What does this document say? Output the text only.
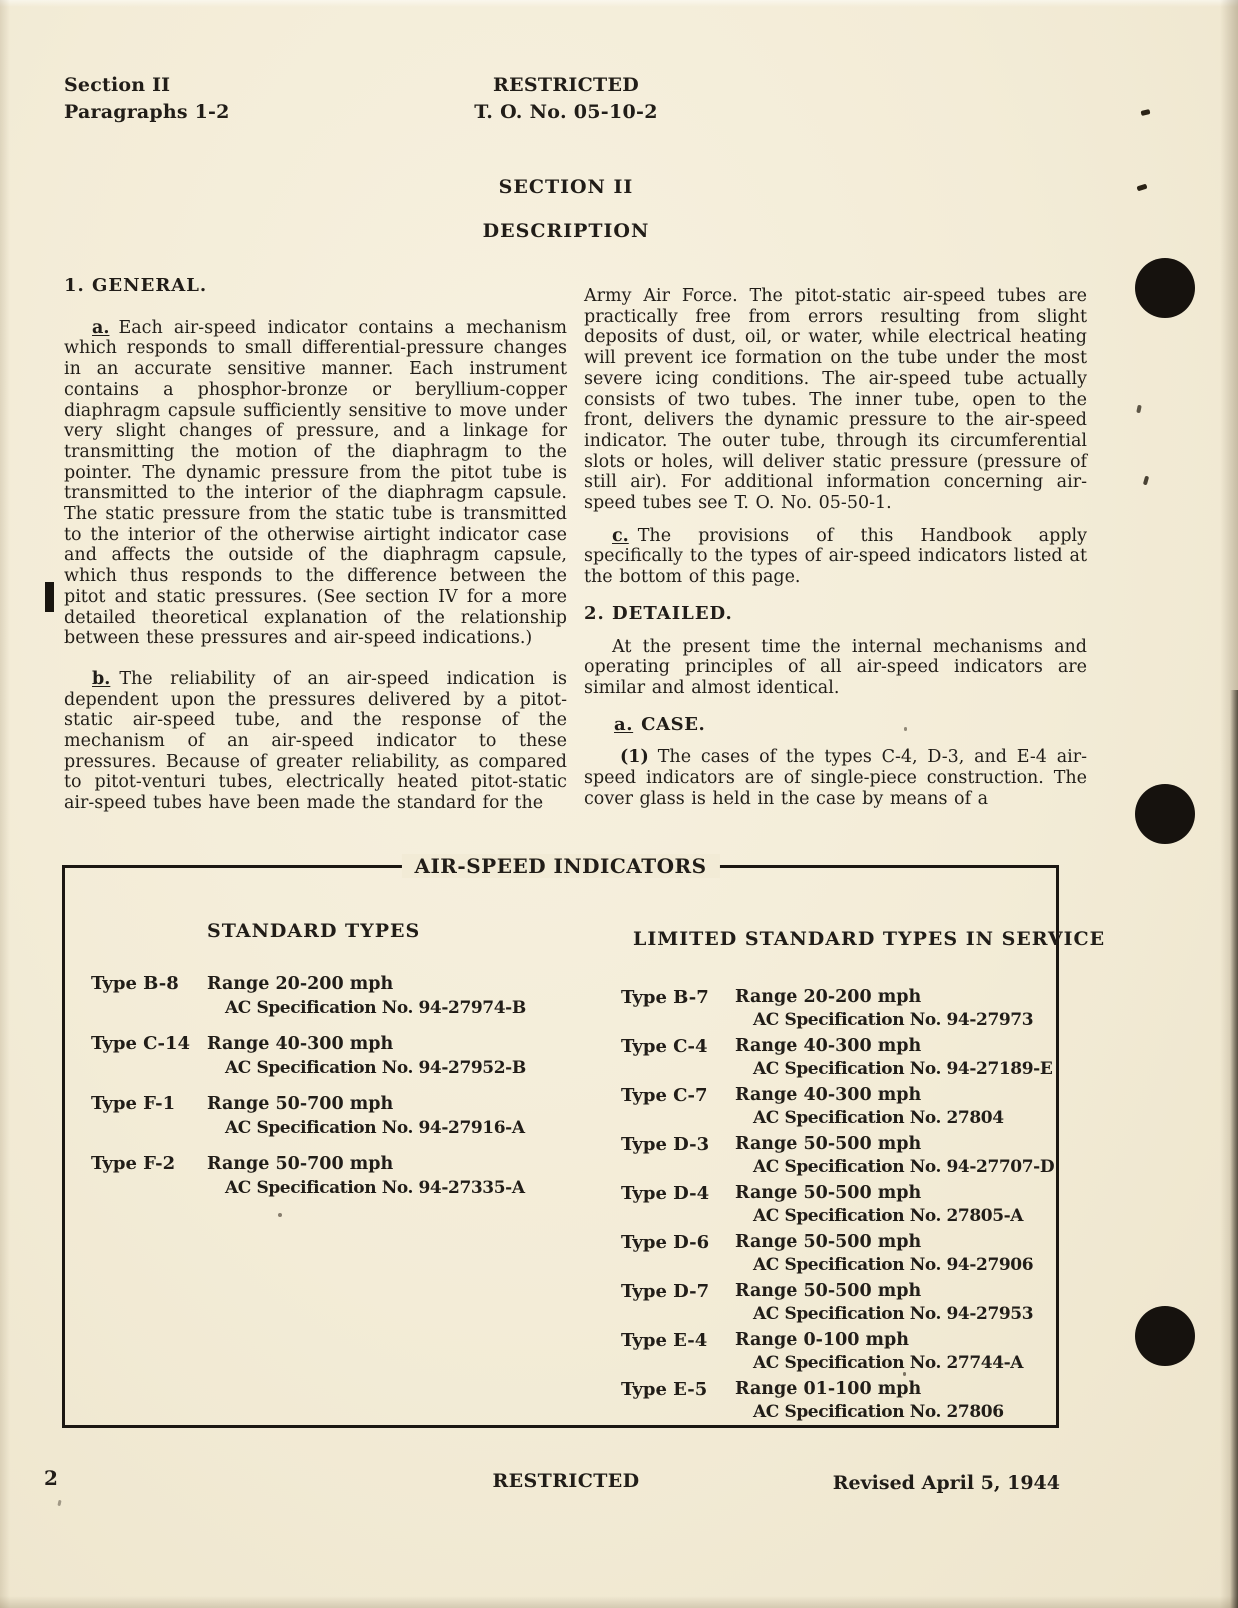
Section II
Paragraphs 1-2
RESTRICTED
T. O. No. 05-10-2
SECTION II
DESCRIPTION
1. GENERAL.

a. Each air-speed indicator contains a mechanism which responds to small differential-pressure changes in an accurate sensitive manner. Each instrument contains a phosphor-bronze or beryllium-copper diaphragm capsule sufficiently sensitive to move under very slight changes of pressure, and a linkage for transmitting the motion of the diaphragm to the pointer. The dynamic pressure from the pitot tube is transmitted to the interior of the diaphragm capsule. The static pressure from the static tube is transmitted to the interior of the otherwise airtight indicator case and affects the outside of the diaphragm capsule, which thus responds to the difference between the pitot and static pressures. (See section IV for a more detailed theoretical explanation of the relationship between these pressures and air-speed indications.)

b. The reliability of an air-speed indication is dependent upon the pressures delivered by a pitot-static air-speed tube, and the response of the mechanism of an air-speed indicator to these pressures. Because of greater reliability, as compared to pitot-venturi tubes, electrically heated pitot-static air-speed tubes have been made the standard for the

Army Air Force. The pitot-static air-speed tubes are practically free from errors resulting from slight deposits of dust, oil, or water, while electrical heating will prevent ice formation on the tube under the most severe icing conditions. The air-speed tube actually consists of two tubes. The inner tube, open to the front, delivers the dynamic pressure to the air-speed indicator. The outer tube, through its circumferential slots or holes, will deliver static pressure (pressure of still air). For additional information concerning air-speed tubes see T. O. No. 05-50-1.

c. The provisions of this Handbook apply specifically to the types of air-speed indicators listed at the bottom of this page.

2. DETAILED.

At the present time the internal mechanisms and operating principles of all air-speed indicators are similar and almost identical.

a. CASE.

(1) The cases of the types C-4, D-3, and E-4 air-speed indicators are of single-piece construction. The cover glass is held in the case by means of a

AIR-SPEED INDICATORS
STANDARD TYPES	LIMITED STANDARD TYPES IN SERVICE
Type B-8	Range 20-200 mph
AC Specification No. 94-27974-B
Type C-14 Range 40-300 mph
AC Specification No. 94-27952-B
Type F-1	Range 50-700 mph
AC Specification No. 94-27916-A
Type F-2	Range 50-700 mph
AC Specification No. 94-27335-A
Type B-7	Range 20-200 mph
AC Specification No. 94-27973
Type C-4	Range 40-300 mph
AC Specification No. 94-27189-E
Type C-7	Range 40-300 mph
AC Specification No. 27804
Type D-3	Range 50-500 mph
AC Specification No. 94-27707-D
Type D-4	Range 50-500 mph
AC Specification No. 27805-A
Type D-6	Range 50-500 mph
AC Specification No. 94-27906
Type D-7	Range 50-500 mph
AC Specification No. 94-27953
Type E-4	Range 0-100 mph
AC Specification No. 27744-A
Type E-5	Range 01-100 mph
AC Specification No. 27806
2	RESTRICTED	Revised April 5, 1944
